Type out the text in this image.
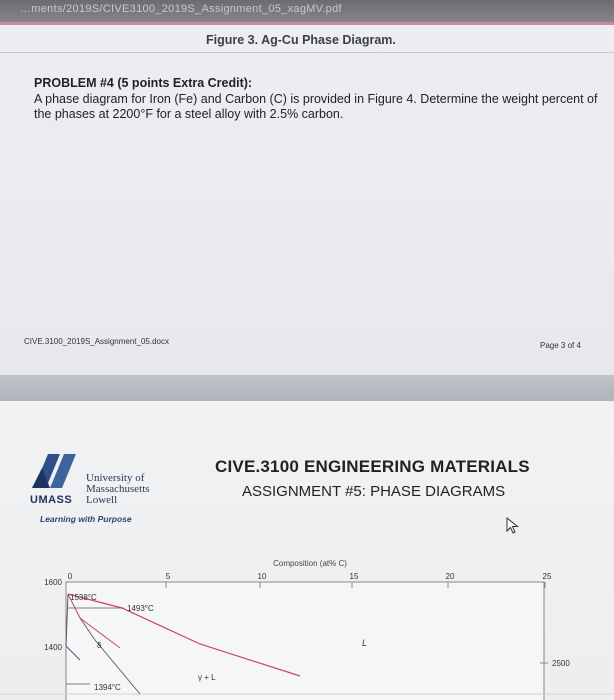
…ments/2019S/CIVE3100_2019S_Assignment_05_xagMV.pdf
Figure 3. Ag-Cu Phase Diagram.
PROBLEM #4 (5 points Extra Credit):
A phase diagram for Iron (Fe) and Carbon (C) is provided in Figure 4. Determine the weight percent of the phases at 2200°F for a steel alloy with 2.5% carbon.
CIVE.3100_2019S_Assignment_05.docx	Page 3 of 4
University of
Massachusetts
UMASS Lowell
Learning with Purpose
CIVE.3100 ENGINEERING MATERIALS
ASSIGNMENT #5: PHASE DIAGRAMS
Composition (at% C)
0	5	10	15	20	25
1600
1400
2500
1538°C
1493°C
1394°C
δ	L
γ + L
